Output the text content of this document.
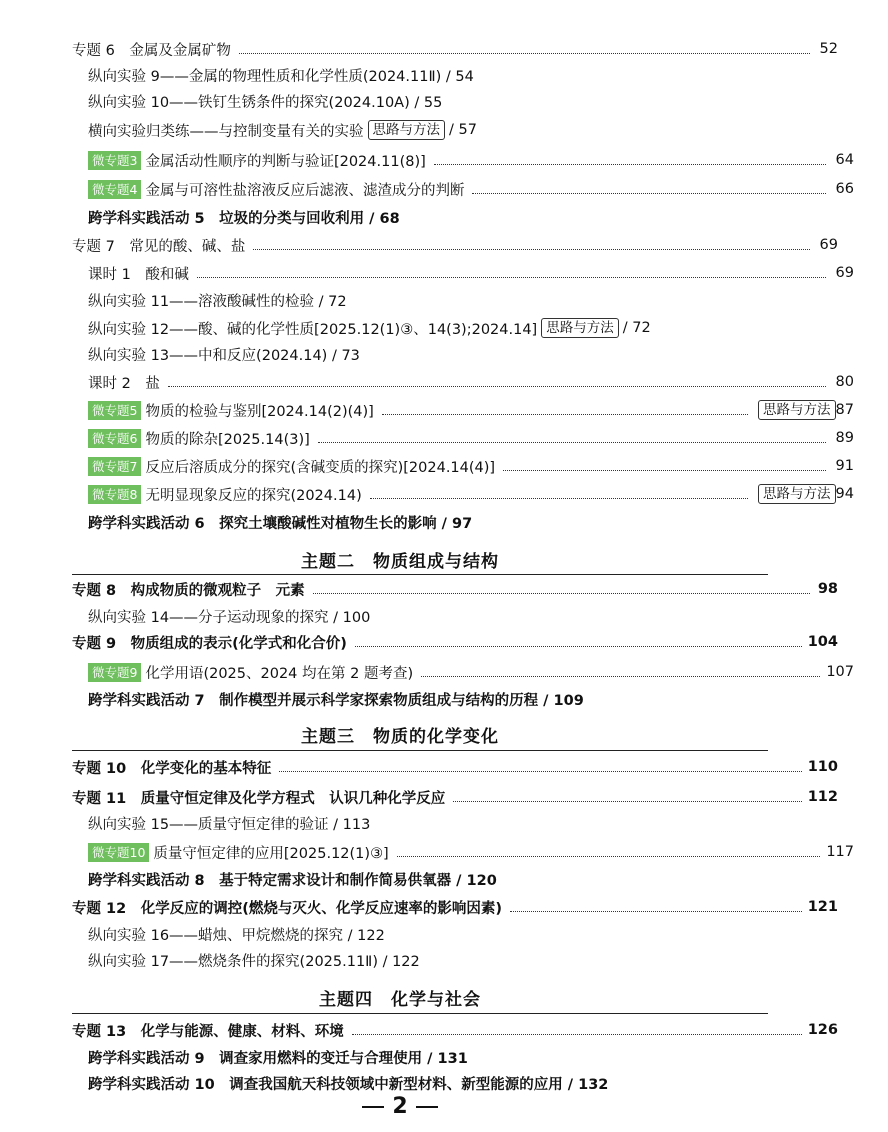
专题 6　金属及金属矿物	52
纵向实验 9——金属的物理性质和化学性质(2024.11Ⅱ) / 54
纵向实验 10——铁钉生锈条件的探究(2024.10A) / 55
横向实验归类练——与控制变量有关的实验 思路与方法 / 57
微专题3 金属活动性顺序的判断与验证[2024.11(8)]	64
微专题4 金属与可溶性盐溶液反应后滤液、滤渣成分的判断	66
跨学科实践活动 5　垃圾的分类与回收利用 / 68
专题 7　常见的酸、碱、盐	69
课时 1　酸和碱	69
纵向实验 11——溶液酸碱性的检验 / 72
纵向实验 12——酸、碱的化学性质[2025.12(1)③、14(3);2024.14] 思路与方法 / 72
纵向实验 13——中和反应(2024.14) / 73
课时 2　盐	80
微专题5 物质的检验与鉴别[2024.14(2)(4)]	思路与方法 87
微专题6 物质的除杂[2025.14(3)]	89
微专题7 反应后溶质成分的探究(含碱变质的探究)[2024.14(4)]	91
微专题8 无明显现象反应的探究(2024.14)	思路与方法 94
跨学科实践活动 6　探究土壤酸碱性对植物生长的影响 / 97
主题二　物质组成与结构
专题 8　构成物质的微观粒子　元素	98
纵向实验 14——分子运动现象的探究 / 100
专题 9　物质组成的表示(化学式和化合价)	104
微专题9 化学用语(2025、2024 均在第 2 题考查)	107
跨学科实践活动 7　制作模型并展示科学家探索物质组成与结构的历程 / 109
主题三　物质的化学变化
专题 10　化学变化的基本特征	110
专题 11　质量守恒定律及化学方程式　认识几种化学反应	112
纵向实验 15——质量守恒定律的验证 / 113
微专题10 质量守恒定律的应用[2025.12(1)③]	117
跨学科实践活动 8　基于特定需求设计和制作简易供氧器 / 120
专题 12　化学反应的调控(燃烧与灭火、化学反应速率的影响因素)	121
纵向实验 16——蜡烛、甲烷燃烧的探究 / 122
纵向实验 17——燃烧条件的探究(2025.11Ⅱ) / 122
主题四　化学与社会
专题 13　化学与能源、健康、材料、环境	126
跨学科实践活动 9　调查家用燃料的变迁与合理使用 / 131
跨学科实践活动 10　调查我国航天科技领域中新型材料、新型能源的应用 / 132
2
